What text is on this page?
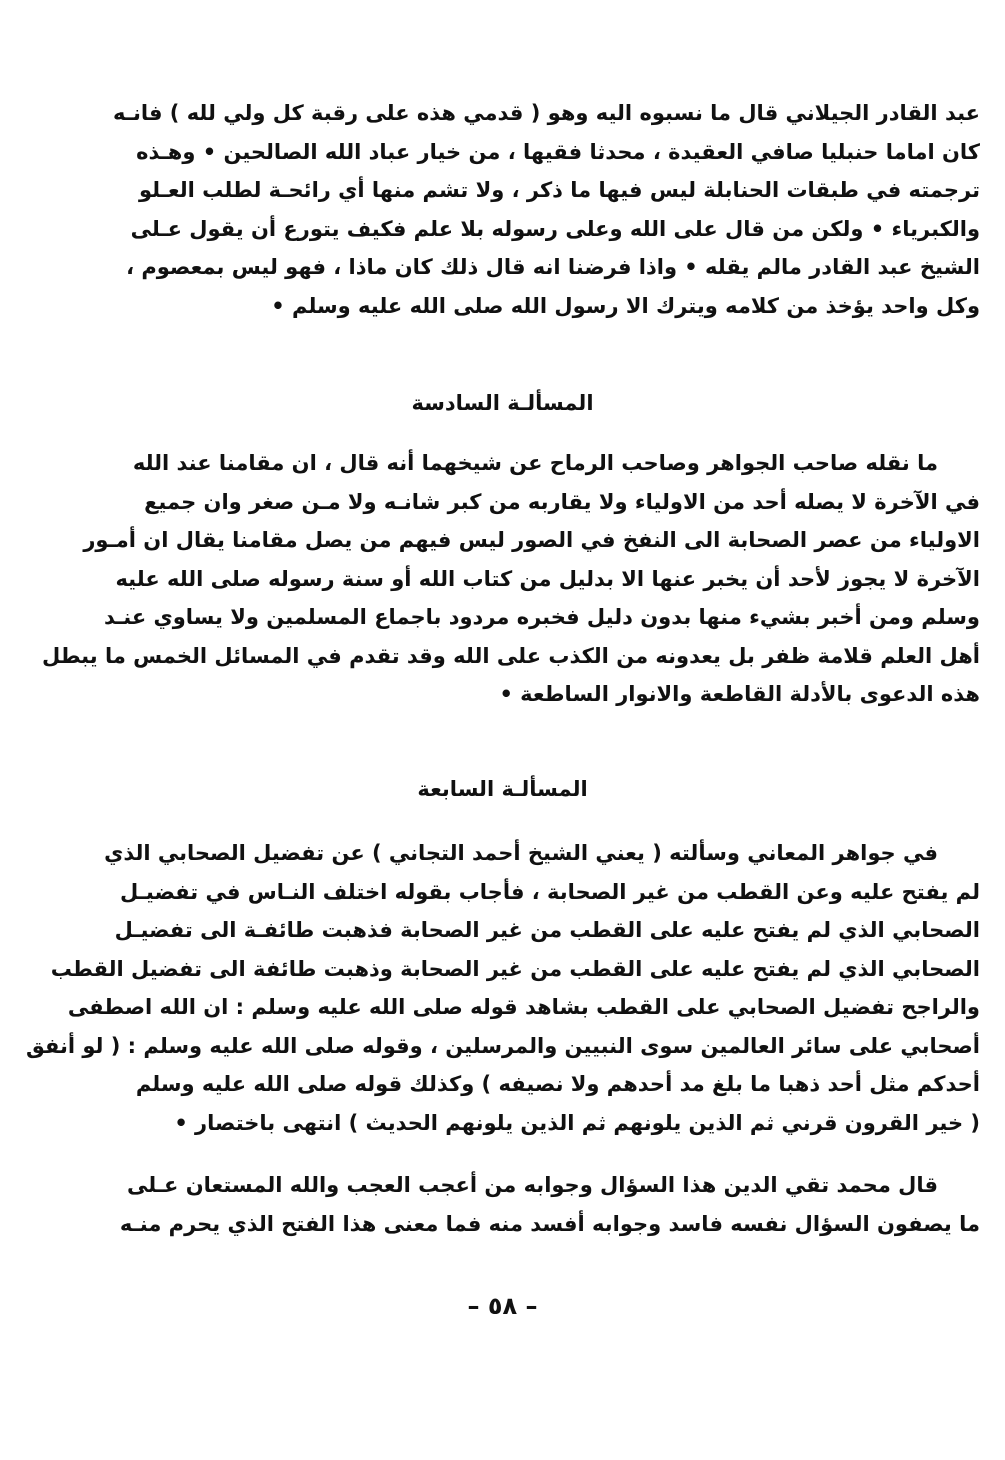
عبد القادر الجيلاني قال ما نسبوه اليه وهو ( قدمي هذه على رقبة كل ولي لله ) فانـه
كان اماما حنبليا صافي العقيدة ، محدثا فقيها ، من خيار عباد الله الصالحين • وهـذه
ترجمته في طبقات الحنابلة ليس فيها ما ذكر ، ولا تشم منها أي رائحـة لطلب العـلو
والكبرياء • ولكن من قال على الله وعلى رسوله بلا علم فكيف يتورع أن يقول عـلى
الشيخ عبد القادر مالم يقله • واذا فرضنا انه قال ذلك كان ماذا ، فهو ليس بمعصوم ،
وكل واحد يؤخذ من كلامه ويترك الا رسول الله صلى الله عليه وسلم •
المسألـة السادسة
ما نقله صاحب الجواهر وصاحب الرماح عن شيخهما أنه قال ، ان مقامنا عند الله
في الآخرة لا يصله أحد من الاولياء ولا يقاربه من كبر شانـه ولا مـن صغر وان جميع
الاولياء من عصر الصحابة الى النفخ في الصور ليس فيهم من يصل مقامنا يقال ان أمـور
الآخرة لا يجوز لأحد أن يخبر عنها الا بدليل من كتاب الله أو سنة رسوله صلى الله عليه
وسلم ومن أخبر بشيء منها بدون دليل فخبره مردود باجماع المسلمين ولا يساوي عنـد
أهل العلم قلامة ظفر بل يعدونه من الكذب على الله وقد تقدم في المسائل الخمس ما يبطل
هذه الدعوى بالأدلة القاطعة والانوار الساطعة •
المسألـة السابعة
في جواهر المعاني وسألته ( يعني الشيخ أحمد التجاني ) عن تفضيل الصحابي الذي
لم يفتح عليه وعن القطب من غير الصحابة ، فأجاب بقوله اختلف النـاس في تفضيـل
الصحابي الذي لم يفتح عليه على القطب من غير الصحابة فذهبت طائفـة الى تفضيـل
الصحابي الذي لم يفتح عليه على القطب من غير الصحابة وذهبت طائفة الى تفضيل القطب
والراجح تفضيل الصحابي على القطب بشاهد قوله صلى الله عليه وسلم : ان الله اصطفى
أصحابي على سائر العالمين سوى النبيين والمرسلين ، وقوله صلى الله عليه وسلم : ( لو أنفق
أحدكم مثل أحد ذهبا ما بلغ مد أحدهم ولا نصيفه ) وكذلك قوله صلى الله عليه وسلم
( خير القرون قرني ثم الذين يلونهم ثم الذين يلونهم الحديث ) انتهى باختصار •
قال محمد تقي الدين هذا السؤال وجوابه من أعجب العجب والله المستعان عـلى
ما يصفون السؤال نفسه فاسد وجوابه أفسد منه فما معنى هذا الفتح الذي يحرم منـه
– ٥٨ –
